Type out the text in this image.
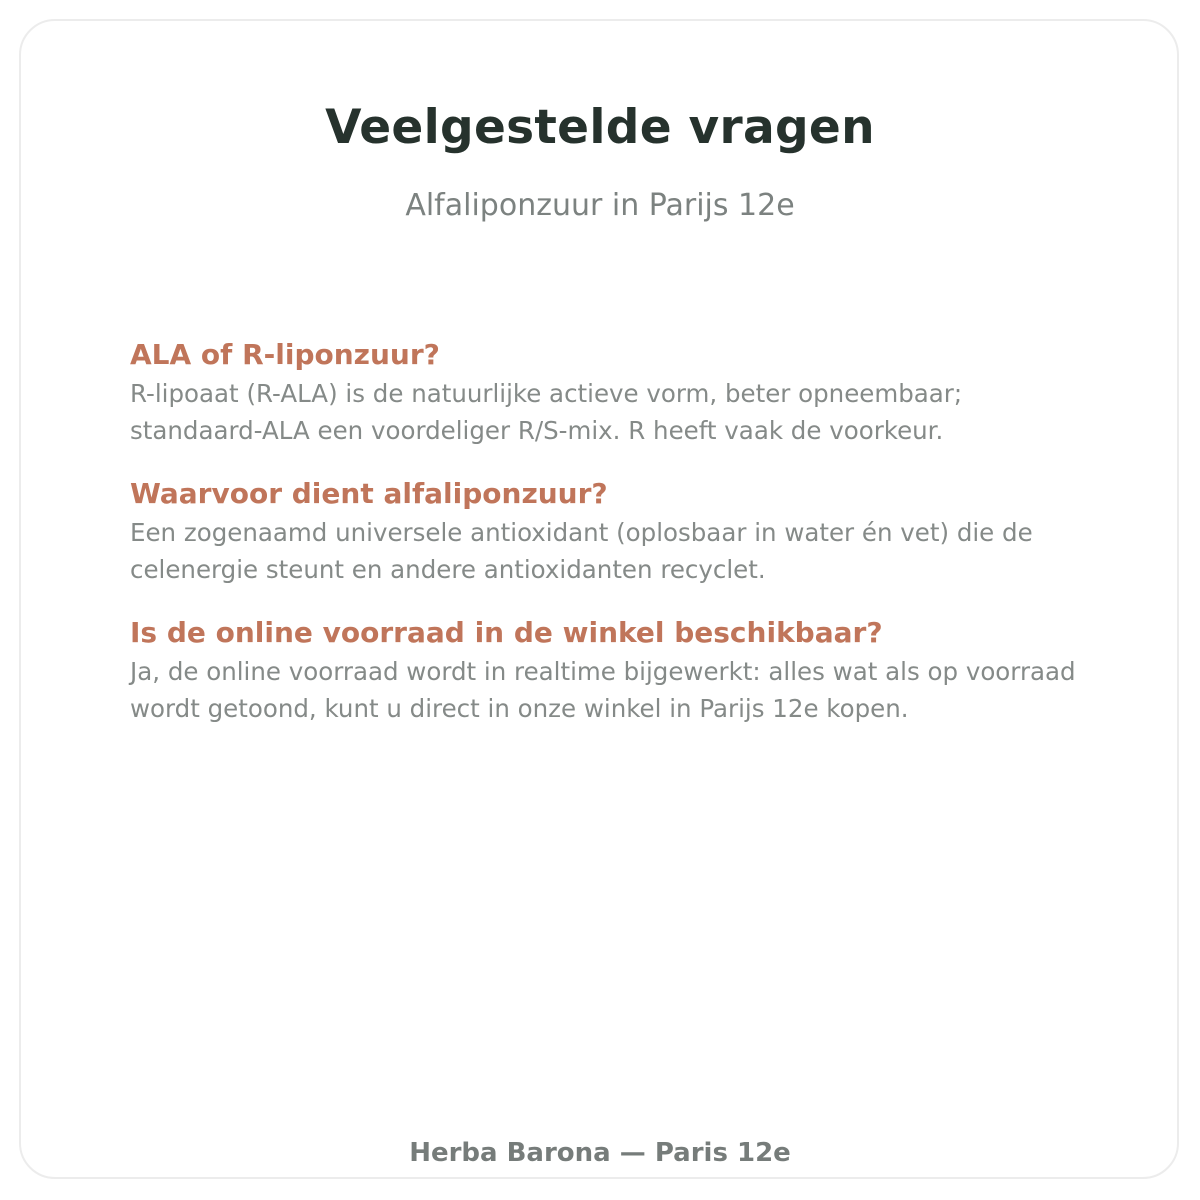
Veelgestelde vragen
Alfaliponzuur in Parijs 12e
ALA of R-liponzuur?
R-lipoaat (R-ALA) is de natuurlijke actieve vorm, beter opneembaar; standaard-ALA een voordeliger R/S-mix. R heeft vaak de voorkeur.
Waarvoor dient alfaliponzuur?
Een zogenaamd universele antioxidant (oplosbaar in water én vet) die de celenergie steunt en andere antioxidanten recyclet.
Is de online voorraad in de winkel beschikbaar?
Ja, de online voorraad wordt in realtime bijgewerkt: alles wat als op voorraad wordt getoond, kunt u direct in onze winkel in Parijs 12e kopen.
Herba Barona — Paris 12e
